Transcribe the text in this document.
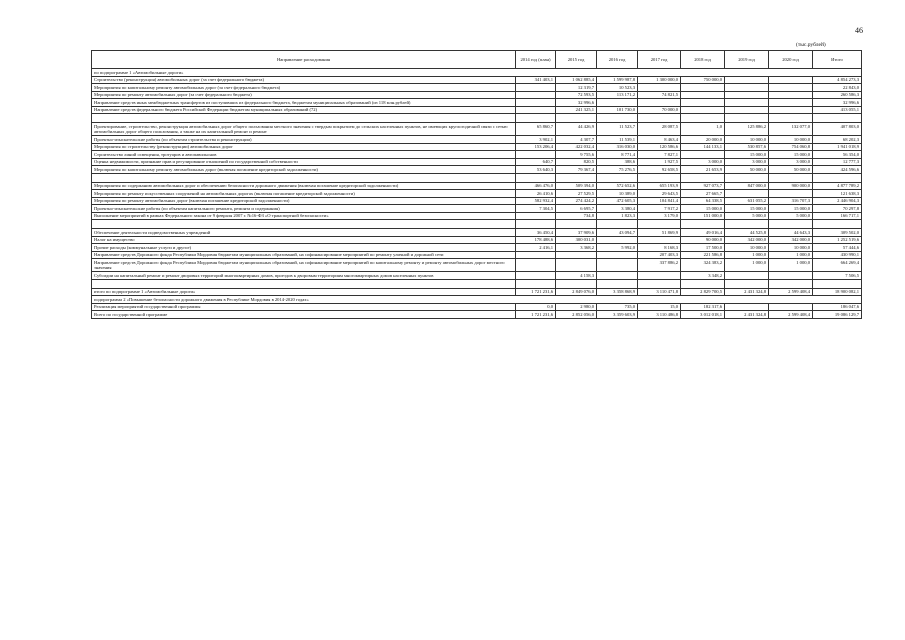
46
(тыс.рублей)
Направление расходования	2014 год (план)	2015 год	2016 год	2017 год	2018 год	2019 год	2020 год	Итого
по подпрограмме 1 «Автомобильные дороги»								
Строительство (реконструкция) автомобильных дорог (за счет федерального бюджета)	341 403,1	1 062 885,4	1 599 987,8	1 300 000,0	750 000,0			4 854 273,3
Мероприятия по капитальному ремонту автомобильных дорог (за счет федерального бюджета)		12 319,7	10 523,3					22 843,0
Мероприятия по ремонту автомобильных дорог (за счет федерального бюджета)		72 593,5	113 171,2	74 821,5				260 586,3
Направление средств иных межбюджетных трансфертов из поступивших из федерального бюджета, бюджетам муниципальных образований (из 118 млн.рублей)		32 996,6						32 996,6
Направление средств федерального бюджета Российской Федерации бюджетам муниципальных образований (72)		241 325,1	101 730,0	70 000,0				413 055,1

Проектирование, строительство, реконструкция автомобильных дорог общего пользования местного значения с твердым покрытием до сельских населенных пунктов, не имеющих круглогодичной связи с сетью автомобильных дорог общего пользования, а также на их капитальный ремонт и ремонт	65 860,7	44 426,9	11 523,7	28 087,5	1,0	125 886,2	132 077,0	407 803,0
Проектно-изыскательские работы (по объектам строительства и реконструкции)	3 902,1	4 307,7	11 539,1	8 463,4	20 000,0	10 000,0	10 000,0	68 202,3
Мероприятия по строительству (реконструкции) автомобильных дорог	153 206,4	422 032,4	316 030,0	120 586,6	144 133,1	530 857,6	754 060,8	1 941 018,9
Строительство линий освещения, тротуаров и автопавильонов		9 755,6	8 771,4	7 827,1		15 000,0	15 000,0	56 354,0
Оценка недвижимости, признание прав и регулирование отношений по государственной собственности	640,7	820,5	388,6	1 927,5	3 000,0	3 000,0	3 000,0	12 777,3
Мероприятия по капитальному ремонту автомобильных дорог (включая погашение кредиторской задолженности)	53 640,3	79 367,4	75 276,5	92 658,5	21 653,9	50 000,0	50 000,0	424 596,6

Мероприятия по содержанию автомобильных дорог и обеспечению безопасности дорожного движения (включая погашение кредиторской задолженности)	466 476,0	509 394,0	572 652,6	655 193,9	927 073,7	847 000,0	900 000,0	4 877 789,2
Мероприятия по ремонту искусственных сооружений на автомобильных дорогах (включая погашение кредиторской задолженности)	26 410,6	27 529,5	10 389,0	29 643,5	27 665,7			121 638,3
Мероприятия по ремонту автомобильных дорог (включая погашение кредиторской задолженности)	582 932,4	274 424,2	472 605,3	104 841,4	64 338,5	631 055,2	316 707,3	2 446 904,3
Проектно-изыскательские работы (по объектам капитального ремонта, ремонта и содержания)	7 304,5	6 695,7	3 380,4	7 917,2	15 000,0	15 000,0	15 000,0	70 297,8
Выполнение мероприятий в рамках Федерального закона от 9 февраля 2007 г. №16-ФЗ «О транспортной безопасности»		734,8	1 823,3	3 179,0	151 000,0	5 000,0	5 000,0	166 717,1

Обеспечение деятельности подведомственных учреждений	36 450,4	37 909,6	43 094,7	51 869,9	49 016,4	44 525,8	44 643,3	309 502,0
Налог на имущество	178 488,6	300 031,0			90 000,0	342 000,0	342 000,0	1 252 519,6
Прочие расходы (коммунальные услуги и другое)	2 416,1	3 368,2	5 992,0	8 168,3	17 500,0	10 000,0	10 000,0	57 444,6
Направление средств Дорожного фонда Республики Мордовия бюджетам муниципальных образований, на софинансирование мероприятий по ремонту уличной и дорожной сети				207 403,3	221 586,8	1 000,0	1 000,0	430 990,1
Направление средств Дорожного фонда Республики Мордовия бюджетам муниципальных образований, на софинансирование мероприятий по капитальному ремонту и ремонту автомобильных дорог местного значения				337 886,2	324 383,2	1 000,0	1 000,0	664 269,4
Субсидии на капитальный ремонт и ремонт дворовых территорий многоквартирных домов, проездов к дворовым территориям многоквартирных домов населенных пунктов		4 158,3			3 348,2			7 506,5

итого по подпрограмме 1 «Автомобильные дороги»	1 721 231,6	2 849 076,0	3 358 868,9	3 110 471,8	2 829 700,5	2 431 324,8	2 599 408,4	18 900 082,1
подпрограмма 2 «Повышение безопасности дорожного движения в Республике Мордовия в 2014-2020 годах»								
Реализация мероприятий государственной программы	0,0	2 980,0	735,0	15,0	182 317,6			186 047,6
Всего по государственной программе	1 721 231,6	2 852 056,0	3 359 603,9	3 110 486,8	3 012 018,1	2 431 324,8	2 599 408,4	19 086 129,7
